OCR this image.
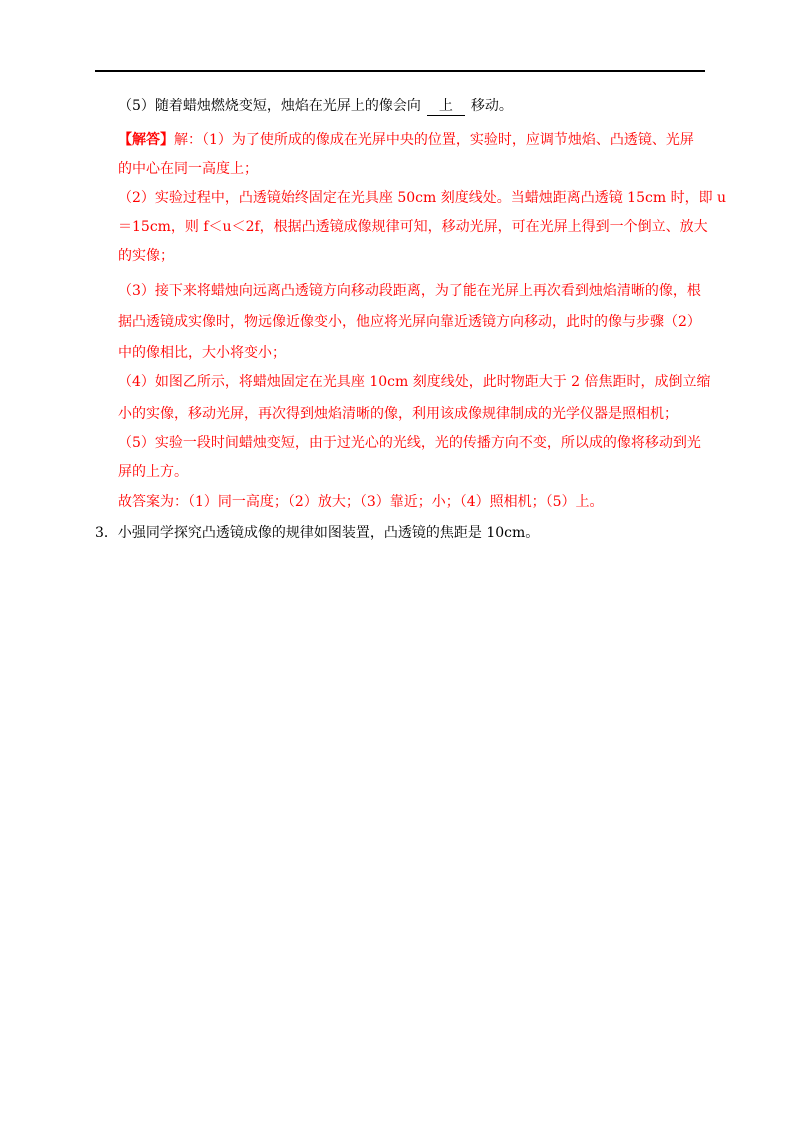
（5）随着蜡烛燃烧变短，烛焰在光屏上的像会向 上 移动。
【解答】解：（1）为了使所成的像成在光屏中央的位置，实验时，应调节烛焰、凸透镜、光屏
的中心在同一高度上；
（2）实验过程中，凸透镜始终固定在光具座 50cm 刻度线处。当蜡烛距离凸透镜 15cm 时，即 u
＝15cm，则 f＜u＜2f，根据凸透镜成像规律可知，移动光屏，可在光屏上得到一个倒立、放大
的实像；
（3）接下来将蜡烛向远离凸透镜方向移动段距离，为了能在光屏上再次看到烛焰清晰的像，根
据凸透镜成实像时，物远像近像变小，他应将光屏向靠近透镜方向移动，此时的像与步骤（2）
中的像相比，大小将变小；
（4）如图乙所示，将蜡烛固定在光具座 10cm 刻度线处，此时物距大于 2 倍焦距时，成倒立缩
小的实像，移动光屏，再次得到烛焰清晰的像，利用该成像规律制成的光学仪器是照相机；
（5）实验一段时间蜡烛变短，由于过光心的光线，光的传播方向不变，所以成的像将移动到光
屏的上方。
故答案为：（1）同一高度；（2）放大；（3）靠近；小；（4）照相机；（5）上。
3．小强同学探究凸透镜成像的规律如图装置，凸透镜的焦距是 10cm。
